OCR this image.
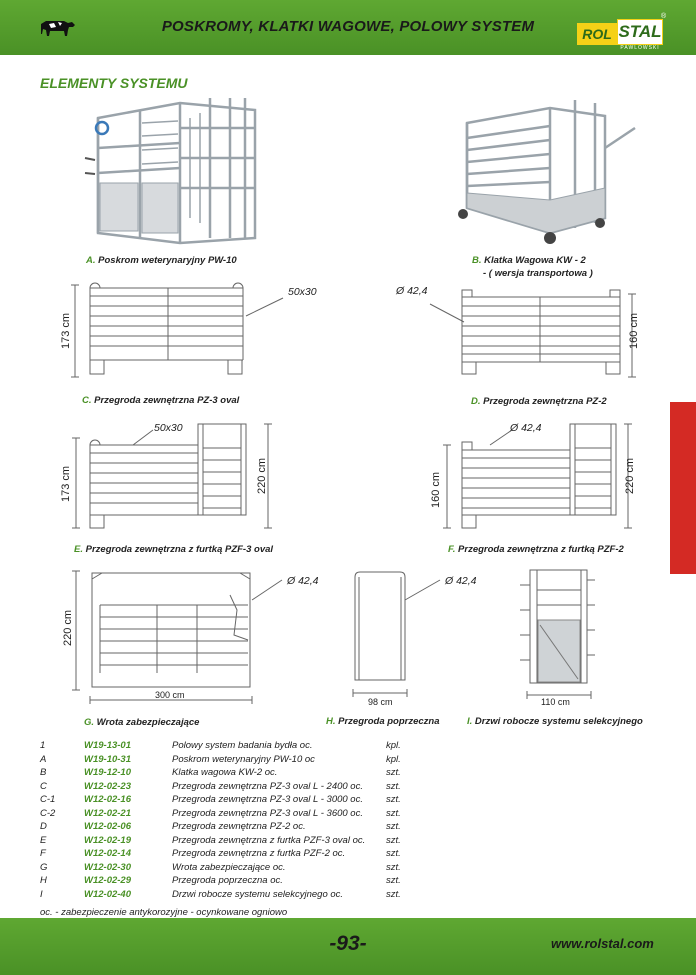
POSKROMY, KLATKI WAGOWE, POLOWY SYSTEM	ROL STAL
PAWLOWSKI
®
ELEMENTY SYSTEMU
A. Poskrom weterynaryjny PW-10	B. Klatka Wagowa KW - 2
- ( wersja transportowa )
173 cm
50x30
C. Przegroda zewnętrzna PZ-3 oval
Ø 42,4
160 cm
D. Przegroda zewnętrzna PZ-2
50x30
173 cm	220 cm
E. Przegroda zewnętrzna z furtką PZF-3 oval
Ø 42,4
160 cm	220 cm
F. Przegroda zewnętrzna z furtką PZF-2
Ø 42,4
220 cm
300 cm
G. Wrota zabezpieczające
Ø 42,4
98 cm
H. Przegroda poprzeczna
110 cm
I. Drzwi robocze systemu selekcyjnego
1	W19-13-01	Polowy system badania bydła oc.	kpl.
A	W19-10-31	Poskrom weterynaryjny PW-10 oc	kpl.
B	W19-12-10	Klatka wagowa KW-2 oc.	szt.
C	W12-02-23	Przegroda zewnętrzna PZ-3 oval L - 2400 oc.	szt.
C-1	W12-02-16	Przegroda zewnętrzna PZ-3 oval L - 3000 oc.	szt.
C-2	W12-02-21	Przegroda zewnętrzna PZ-3 oval L - 3600 oc.	szt.
D	W12-02-06	Przegroda zewnętrzna PZ-2 oc.	szt.
E	W12-02-19	Przegroda zewnętrzna z furtka PZF-3 oval oc.	szt.
F	W12-02-14	Przegroda zewnętrzna z furtka PZF-2 oc.	szt.
G	W12-02-30	Wrota zabezpieczające oc.	szt.
H	W12-02-29	Przegroda poprzeczna oc.	szt.
I	W12-02-40	Drzwi robocze systemu selekcyjnego oc.	szt.
oc. - zabezpieczenie antykorozyjne - ocynkowane ogniowo
-93-	www.rolstal.com
